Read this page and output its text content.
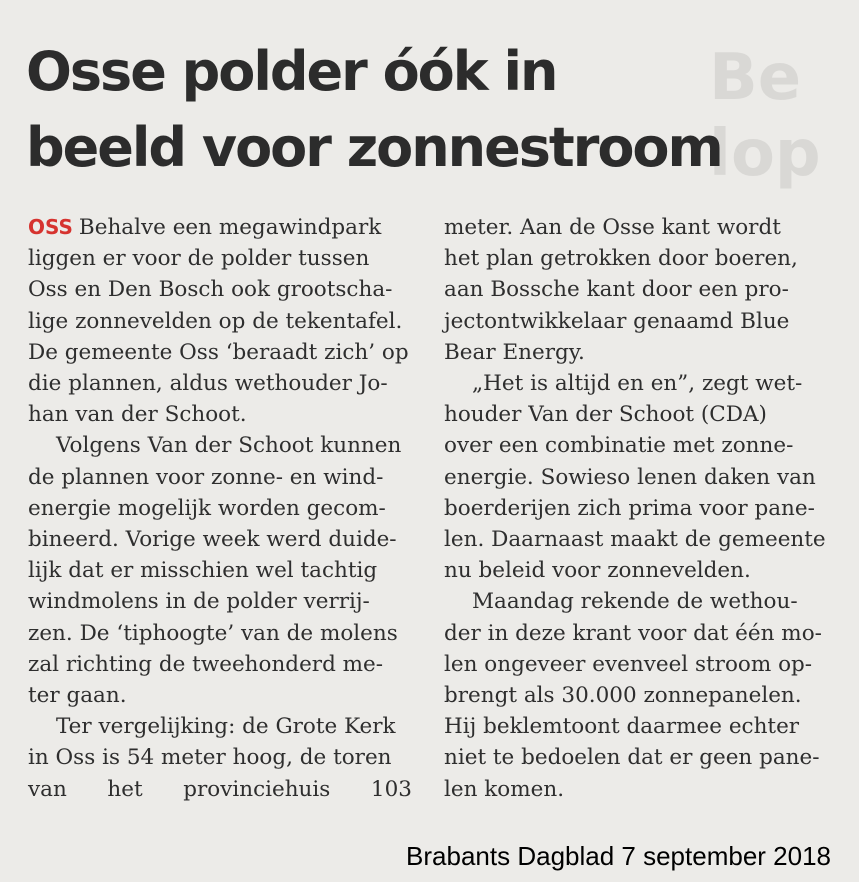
Be
lop
Osse polder óók in
beeld voor zonnestroom
OSS Behalve een megawindpark
liggen er voor de polder tussen
Oss en Den Bosch ook grootscha-
lige zonnevelden op de tekentafel.
De gemeente Oss ‘beraadt zich’ op
die plannen, aldus wethouder Jo-
han van der Schoot.
Volgens Van der Schoot kunnen
de plannen voor zonne- en wind-
energie mogelijk worden gecom-
bineerd. Vorige week werd duide-
lijk dat er misschien wel tachtig
windmolens in de polder verrij-
zen. De ‘tiphoogte’ van de molens
zal richting de tweehonderd me-
ter gaan.
Ter vergelijking: de Grote Kerk
in Oss is 54 meter hoog, de toren
van het provinciehuis 103
meter. Aan de Osse kant wordt
het plan getrokken door boeren,
aan Bossche kant door een pro-
jectontwikkelaar genaamd Blue
Bear Energy.
„Het is altijd en en”, zegt wet-
houder Van der Schoot (CDA)
over een combinatie met zonne-
energie. Sowieso lenen daken van
boerderijen zich prima voor pane-
len. Daarnaast maakt de gemeente
nu beleid voor zonnevelden.
Maandag rekende de wethou-
der in deze krant voor dat één mo-
len ongeveer evenveel stroom op-
brengt als 30.000 zonnepanelen.
Hij beklemtoont daarmee echter
niet te bedoelen dat er geen pane-
len komen.
Brabants Dagblad 7 september 2018
